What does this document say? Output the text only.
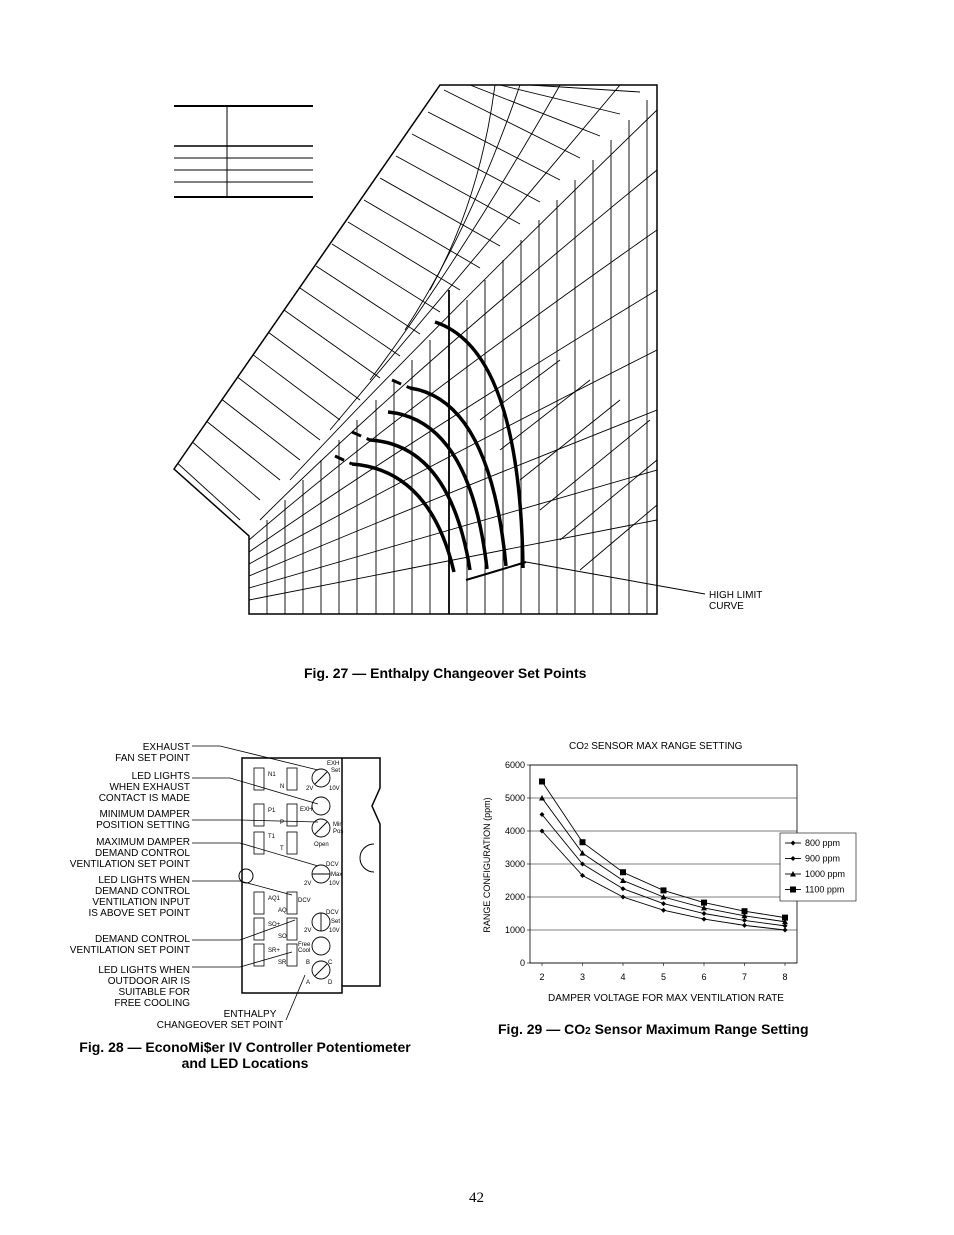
HIGH LIMIT
CURVE
Fig. 27 — Enthalpy Changeover Set Points
N1
N
P1
P
T1
T
EXH
Set
10V
2V
EXH
Min
Pos
Open
DCV
Max
10V
2V
AQ1
AQ
DCV
SO+
SO
DCV
Set
10V
2V
SR+
SR
Free
Cool
B	C
A	D
EXHAUST
FAN SET POINT
LED LIGHTS
WHEN EXHAUST
CONTACT IS MADE
MINIMUM DAMPER
POSITION SETTING
MAXIMUM DAMPER
DEMAND CONTROL
VENTILATION SET POINT
LED LIGHTS WHEN
DEMAND CONTROL
VENTILATION INPUT
IS ABOVE SET POINT
DEMAND CONTROL
VENTILATION SET POINT
LED LIGHTS WHEN
OUTDOOR AIR IS
SUITABLE FOR
FREE COOLING
ENTHALPY
CHANGEOVER SET POINT
Fig. 28 — EconoMi$er IV Controller Potentiometer
and LED Locations
CO2 SENSOR MAX RANGE SETTING
0
1000
2000
3000
4000
5000
6000
2	3	4	5	6	7	8
800 ppm
900 ppm
1000 ppm
1100 ppm
RANGE CONFIGURATION (ppm)
DAMPER VOLTAGE FOR MAX VENTILATION RATE
Fig. 29 — CO2 Sensor Maximum Range Setting
42
